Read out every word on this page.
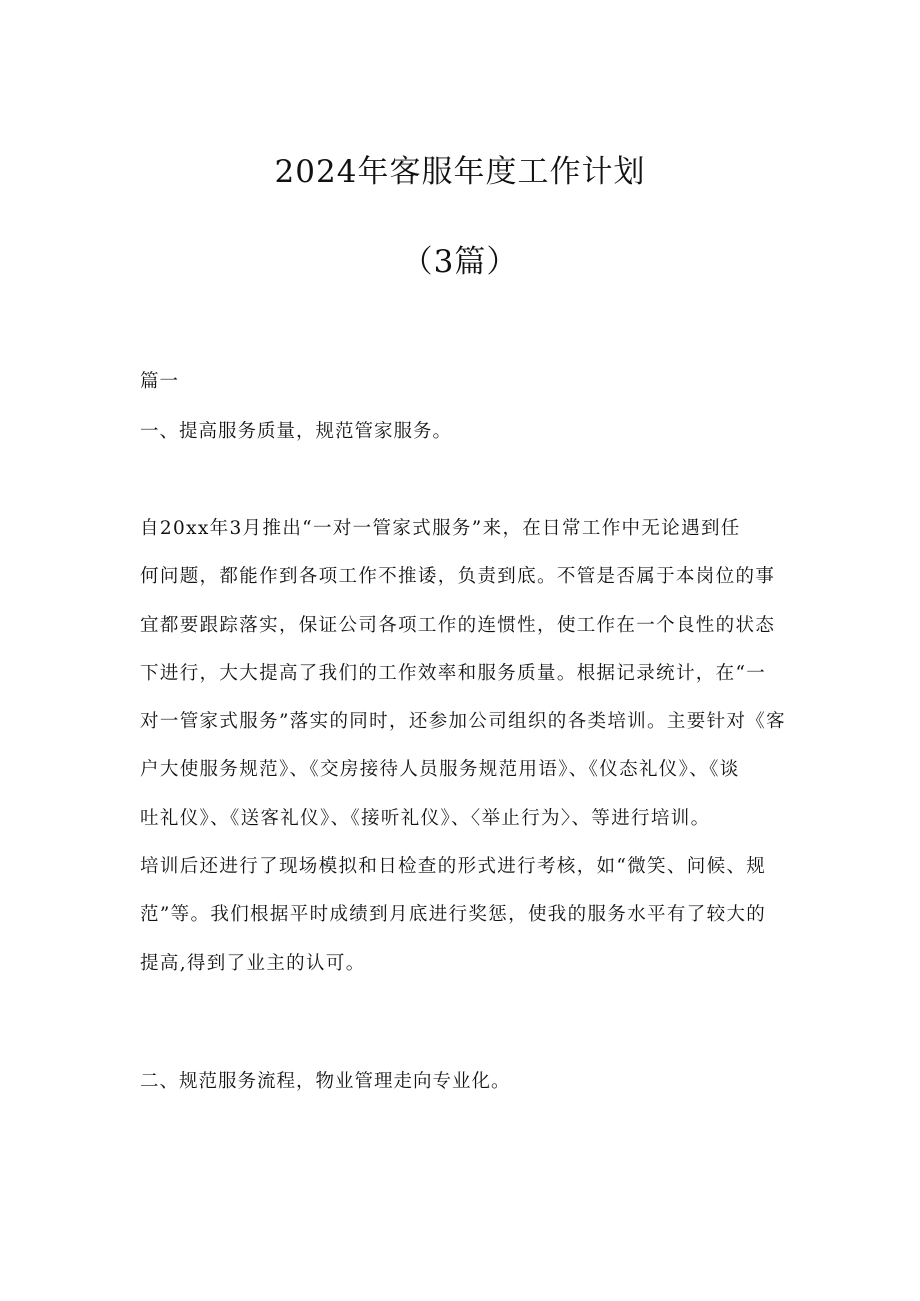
2024年客服年度工作计划
（3篇）
篇一
一、提高服务质量，规范管家服务。
自20xx年3月推出“一对一管家式服务”来，在日常工作中无论遇到任
何问题，都能作到各项工作不推诿，负责到底。不管是否属于本岗位的事
宜都要跟踪落实，保证公司各项工作的连惯性，使工作在一个良性的状态
下进行，大大提高了我们的工作效率和服务质量。根据记录统计，在“一
对一管家式服务”落实的同时，还参加公司组织的各类培训。主要针对《客
户大使服务规范》、《交房接待人员服务规范用语》、《仪态礼仪》、《谈
吐礼仪》、《送客礼仪》、《接听礼仪》、〈举止行为〉、等进行培训。
培训后还进行了现场模拟和日检查的形式进行考核，如“微笑、问候、规
范”等。我们根据平时成绩到月底进行奖惩，使我的服务水平有了较大的
提高,得到了业主的认可。
二、规范服务流程，物业管理走向专业化。
